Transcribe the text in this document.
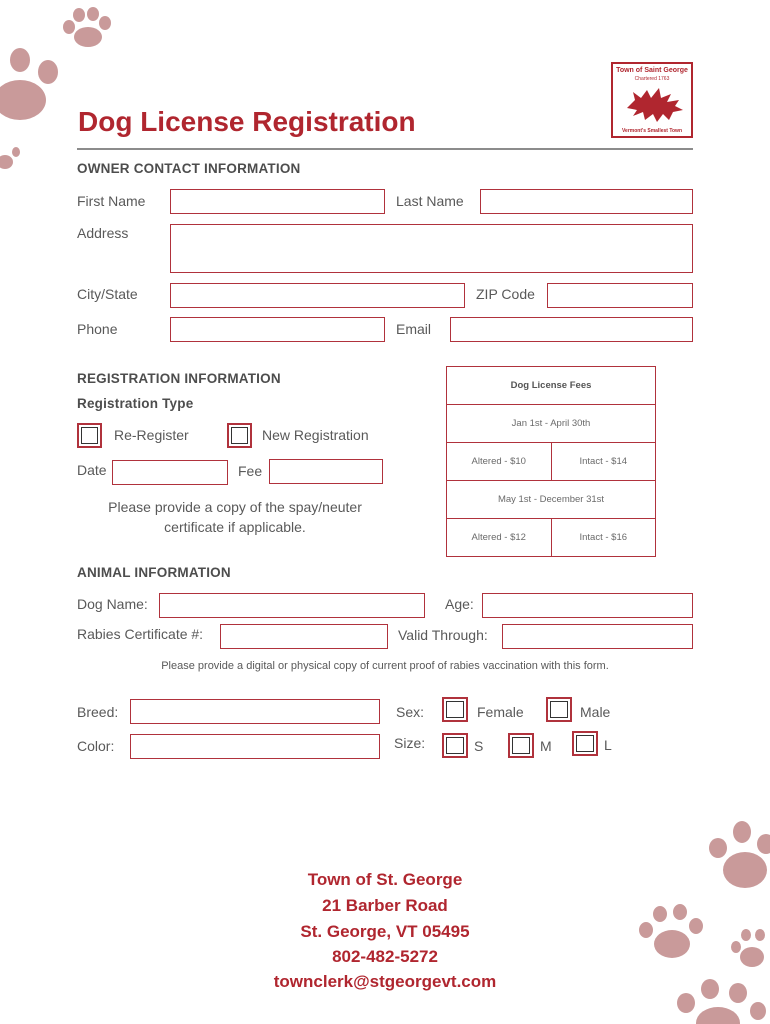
Town of Saint George
Chartered 1763
Vermont's Smallest Town
Dog License Registration
OWNER CONTACT INFORMATION
First Name	Last Name
Address
City/State	ZIP Code
Phone	Email
REGISTRATION INFORMATION
Registration Type
Re-Register	New Registration
Date	Fee
Please provide a copy of the spay/neuter
certificate if applicable.
Dog License Fees
Jan 1st - April 30th
Altered - $10	Intact - $14
May 1st - December 31st
Altered - $12	Intact - $16
ANIMAL INFORMATION
Dog Name:	Age:
Rabies Certificate #:	Valid Through:
Please provide a digital or physical copy of current proof of rabies vaccination with this form.
Breed:	Sex:	Female	Male
Color:	Size:	S	M	L
Town of St. George
21 Barber Road
St. George, VT 05495
802-482-5272
townclerk@stgeorgevt.com
